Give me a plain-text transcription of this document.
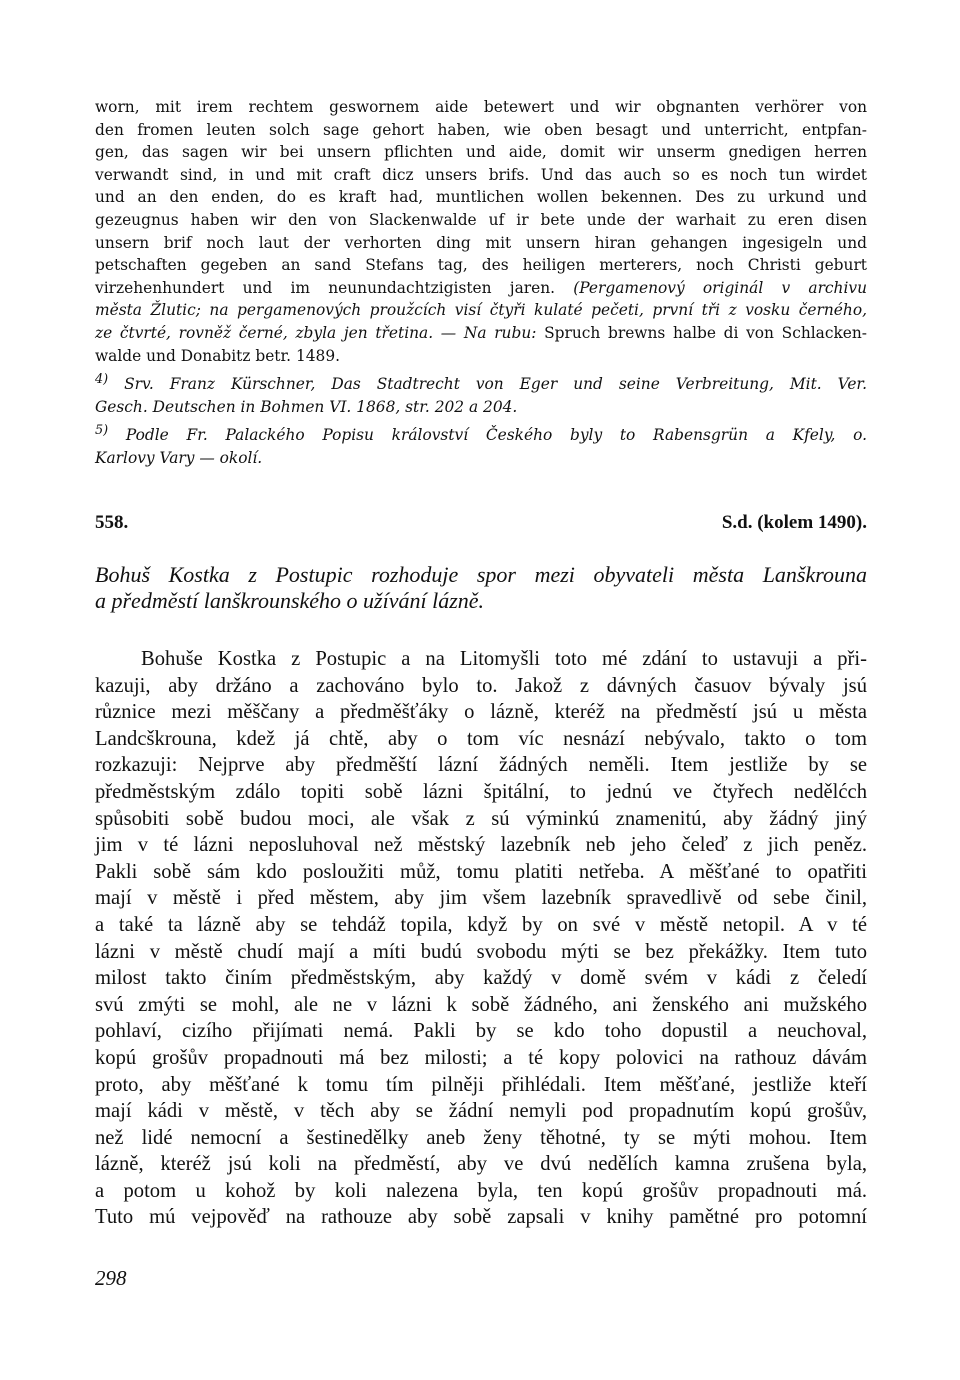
worn, mit irem rechtem geswornem aide betewert und wir obgnanten verhörer von
den fromen leuten solch sage gehort haben, wie oben besagt und unterricht, entpfan-
gen, das sagen wir bei unsern pflichten und aide, domit wir unserm gnedigen herren
verwandt sind, in und mit craft dicz unsers brifs. Und das auch so es noch tun wirdet
und an den enden, do es kraft had, muntlichen wollen bekennen. Des zu urkund und
gezeugnus haben wir den von Slackenwalde uf ir bete unde der warhait zu eren disen
unsern brif noch laut der verhorten ding mit unsern hiran gehangen ingesigeln und
petschaften gegeben an sand Stefans tag, des heiligen merterers, noch Christi geburt
virzehenhundert und im neunundachtzigisten jaren. (Pergamenový originál v archivu
města Žlutic; na pergamenových proužcích visí čtyři kulaté pečeti, první tři z vosku černého,
ze čtvrté, rovněž černé, zbyla jen třetina. — Na rubu: Spruch brewns halbe di von Schlacken-
walde und Donabitz betr. 1489.
$^{4)}$ Srv. Franz Kürschner, Das Stadtrecht von Eger und seine Verbreitung, Mit. Ver.
Gesch. Deutschen in Bohmen VI. 1868, str. 202 a 204.
$^{5)}$ Podle Fr. Palackého Popisu království Českého byly to Rabensgrün a Kfely, o.
Karlovy Vary — okolí.
558.	S.d. (kolem 1490).
Bohuš Kostka z Postupic rozhoduje spor mezi obyvateli města Lanškrouna
a předměstí lanškrounského o užívání lázně.
Bohuše Kostka z Postupic a na Litomyšli toto mé zdání to ustavuji a při-
kazuji, aby držáno a zachováno bylo to. Jakož z dávných časuov bývaly jsú
různice mezi měščany a předměšťáky o lázně, kteréž na předměstí jsú u města
Landcškrouna, kdež já chtě, aby o tom víc nesnází nebývalo, takto o tom
rozkazuji: Nejprve aby předměští lázní žádných neměli. Item jestliže by se
předměstským zdálo topiti sobě lázni špitální, to jednú ve čtyřech nedělćch
spůsobiti sobě budou moci, ale však z sú výminkú znamenitú, aby žádný jiný
jim v té lázni neposluhoval než městský lazebník neb jeho čeleď z jich peněz.
Pakli sobě sám kdo posloužiti můž, tomu platiti netřeba. A měšťané to opatřiti
mají v městě i před městem, aby jim všem lazebník spravedlivě od sebe činil,
a také ta lázně aby se tehdáž topila, když by on své v městě netopil. A v té
lázni v městě chudí mají a míti budú svobodu mýti se bez překážky. Item tuto
milost takto činím předměstským, aby každý v domě svém v kádi z čeledí
svú zmýti se mohl, ale ne v lázni k sobě žádného, ani ženského ani mužského
pohlaví, cizího přijímati nemá. Pakli by se kdo toho dopustil a neuchoval,
kopú grošův propadnouti má bez milosti; a té kopy polovici na rathouz dávám
proto, aby měšťané k tomu tím pilněji přihlédali. Item měšťané, jestliže kteří
mají kádi v městě, v těch aby se žádní nemyli pod propadnutím kopú grošův,
než lidé nemocní a šestinedělky aneb ženy těhotné, ty se mýti mohou. Item
lázně, kteréž jsú koli na předměstí, aby ve dvú nedělích kamna zrušena byla,
a potom u kohož by koli nalezena byla, ten kopú grošův propadnouti má.
Tuto mú vejpověď na rathouze aby sobě zapsali v knihy pamětné pro potomní
298
